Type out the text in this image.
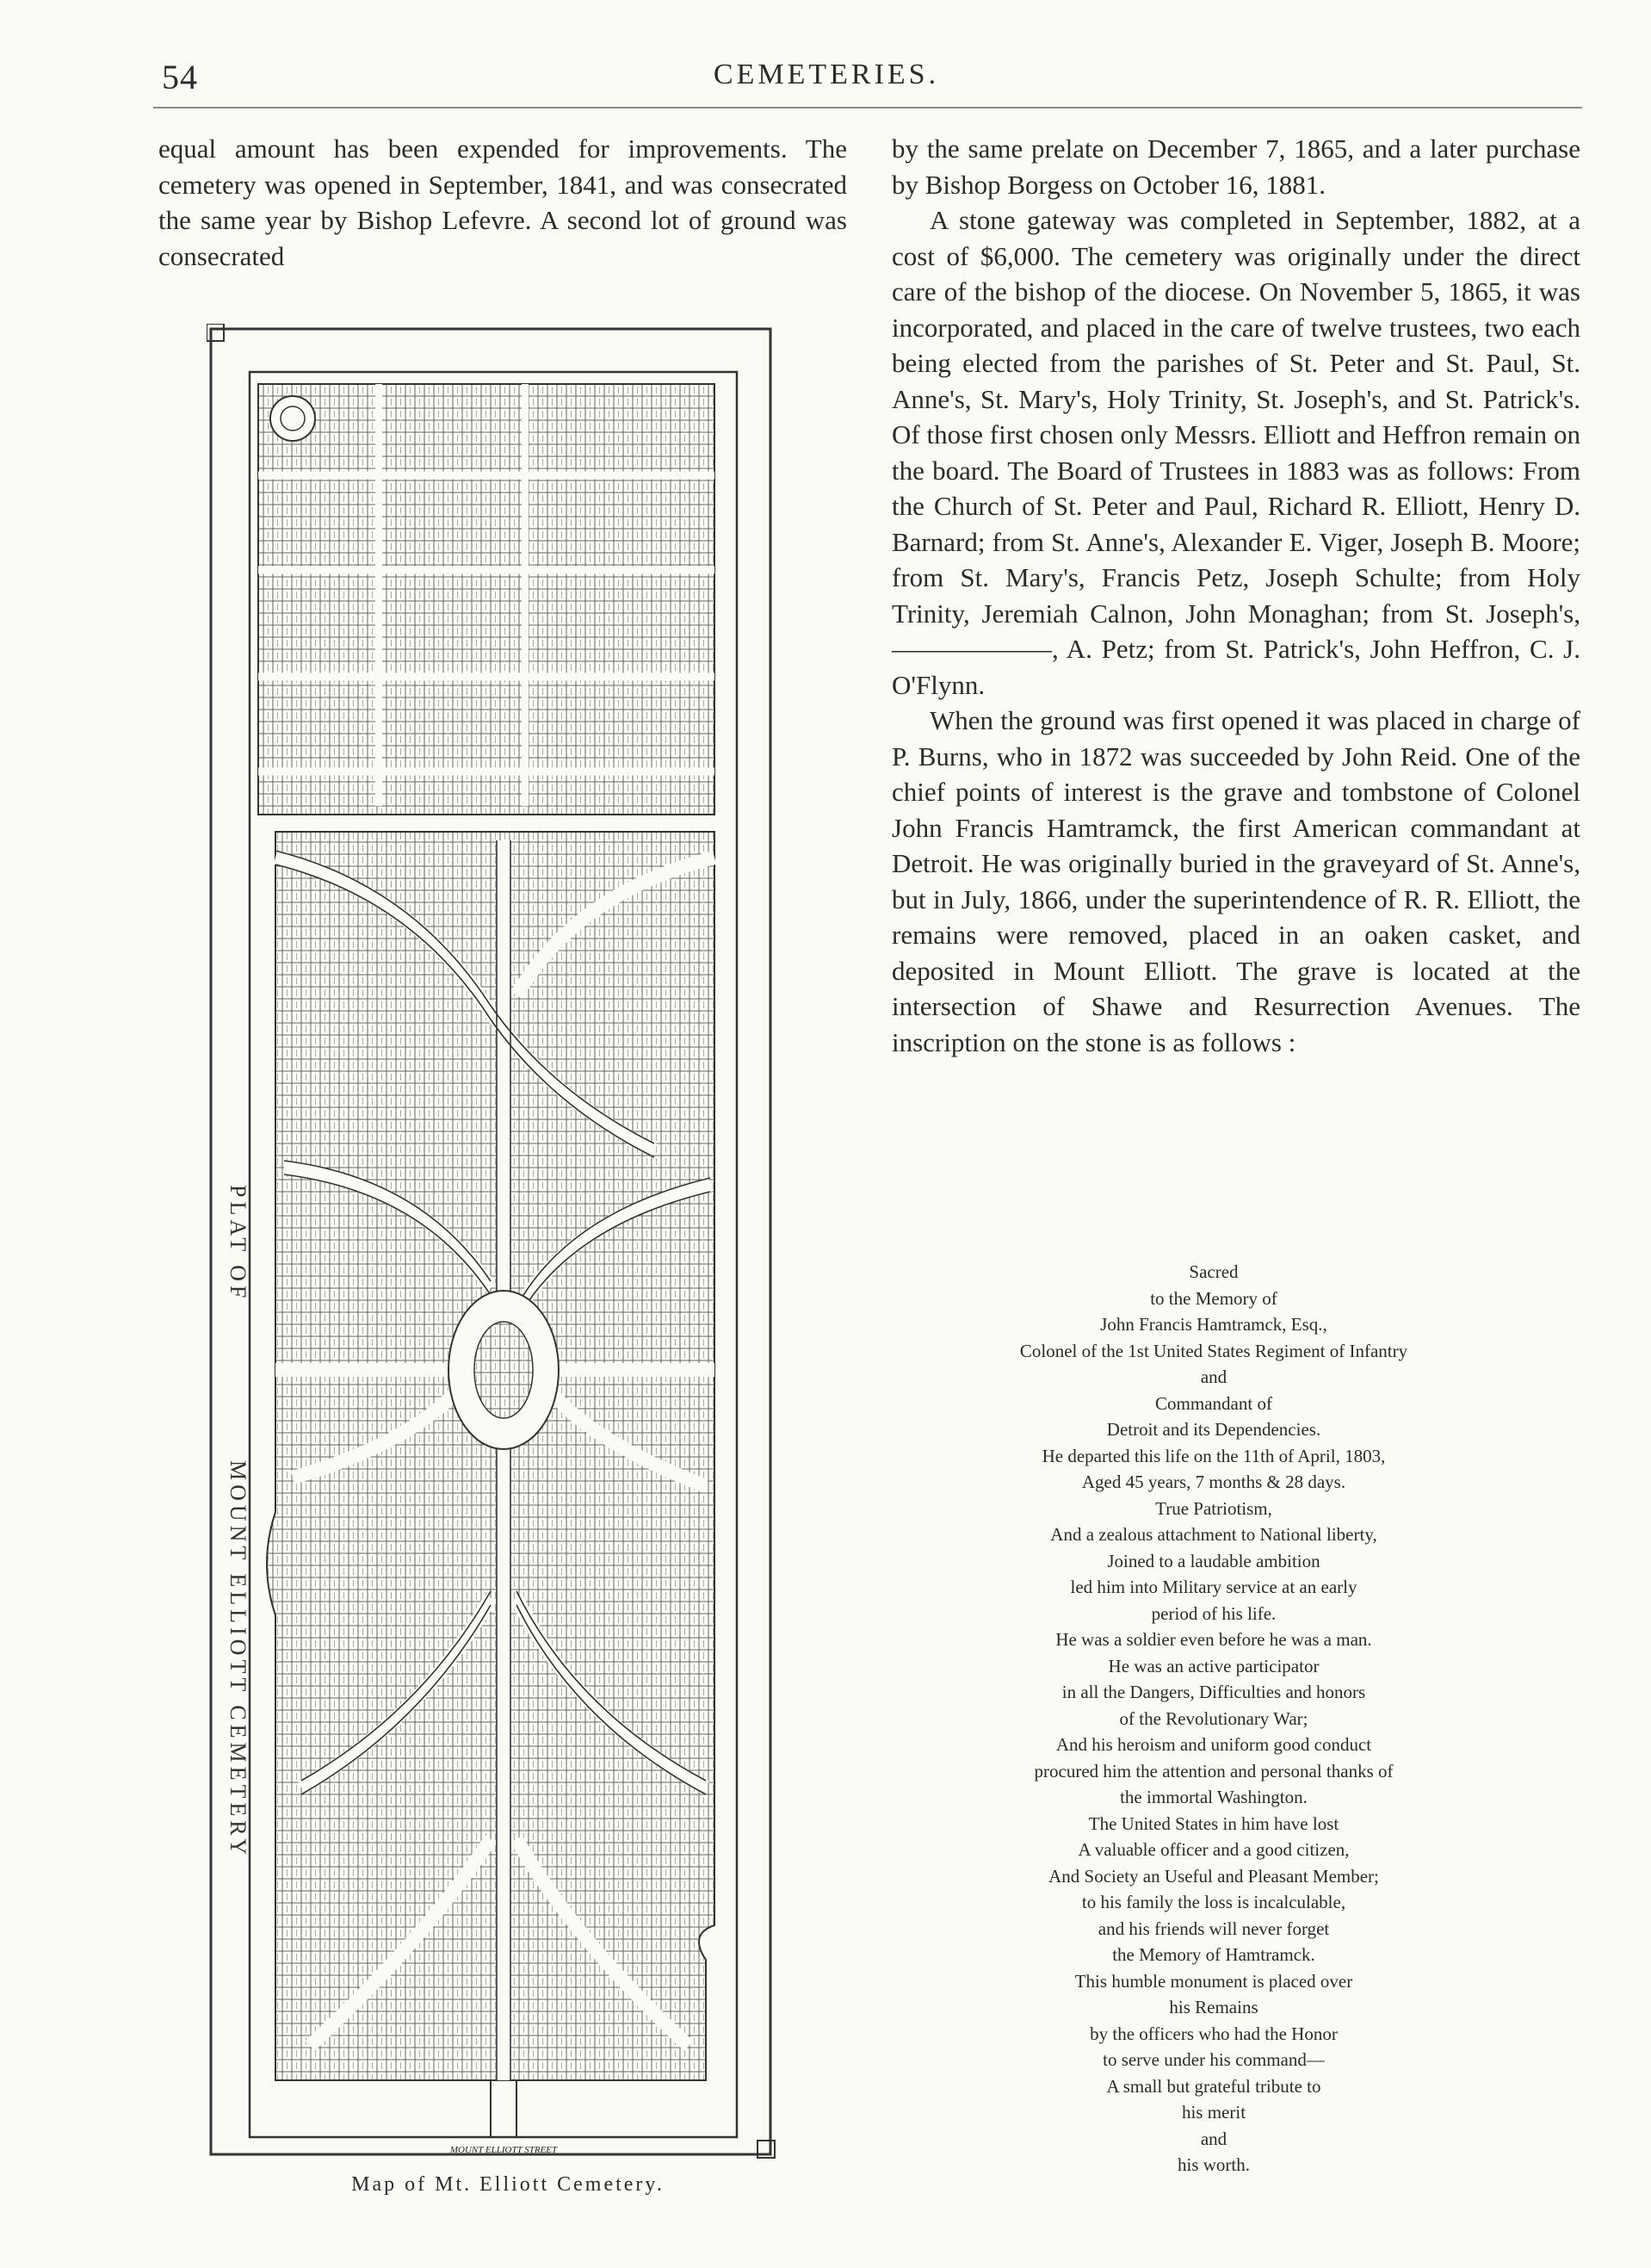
54	CEMETERIES.

equal amount has been expended for improvements. The cemetery was opened in September, 1841, and was consecrated the same year by Bishop Lefevre. A second lot of ground was consecrated

MOUNT ELLIOTT STREET
PLAT OF
MOUNT ELLIOTT CEMETERY
Map of Mt. Elliott Cemetery.

by the same prelate on December 7, 1865, and a later purchase by Bishop Borgess on October 16, 1881.

A stone gateway was completed in September, 1882, at a cost of $6,000. The cemetery was originally under the direct care of the bishop of the diocese. On November 5, 1865, it was incorporated, and placed in the care of twelve trustees, two each being elected from the parishes of St. Peter and St. Paul, St. Anne's, St. Mary's, Holy Trinity, St. Joseph's, and St. Patrick's. Of those first chosen only Messrs. Elliott and Heffron remain on the board. The Board of Trustees in 1883 was as follows: From the Church of St. Peter and Paul, Richard R. Elliott, Henry D. Barnard; from St. Anne's, Alexander E. Viger, Joseph B. Moore; from St. Mary's, Francis Petz, Joseph Schulte; from Holy Trinity, Jeremiah Calnon, John Monaghan; from St. Joseph's, ——————, A. Petz; from St. Patrick's, John Heffron, C. J. O'Flynn.

When the ground was first opened it was placed in charge of P. Burns, who in 1872 was succeeded by John Reid. One of the chief points of interest is the grave and tombstone of Colonel John Francis Hamtramck, the first American commandant at Detroit. He was originally buried in the graveyard of St. Anne's, but in July, 1866, under the superintendence of R. R. Elliott, the remains were removed, placed in an oaken casket, and deposited in Mount Elliott. The grave is located at the intersection of Shawe and Resurrection Avenues. The inscription on the stone is as follows :

Sacred
to the Memory of
John Francis Hamtramck, Esq.,
Colonel of the 1st United States Regiment of Infantry
and
Commandant of
Detroit and its Dependencies.
He departed this life on the 11th of April, 1803,
Aged 45 years, 7 months & 28 days.
True Patriotism,
And a zealous attachment to National liberty,
Joined to a laudable ambition
led him into Military service at an early
period of his life.
He was a soldier even before he was a man.
He was an active participator
in all the Dangers, Difficulties and honors
of the Revolutionary War;
And his heroism and uniform good conduct
procured him the attention and personal thanks of
the immortal Washington.
The United States in him have lost
A valuable officer and a good citizen,
And Society an Useful and Pleasant Member;
to his family the loss is incalculable,
and his friends will never forget
the Memory of Hamtramck.
This humble monument is placed over
his Remains
by the officers who had the Honor
to serve under his command—
A small but grateful tribute to
his merit
and
his worth.
